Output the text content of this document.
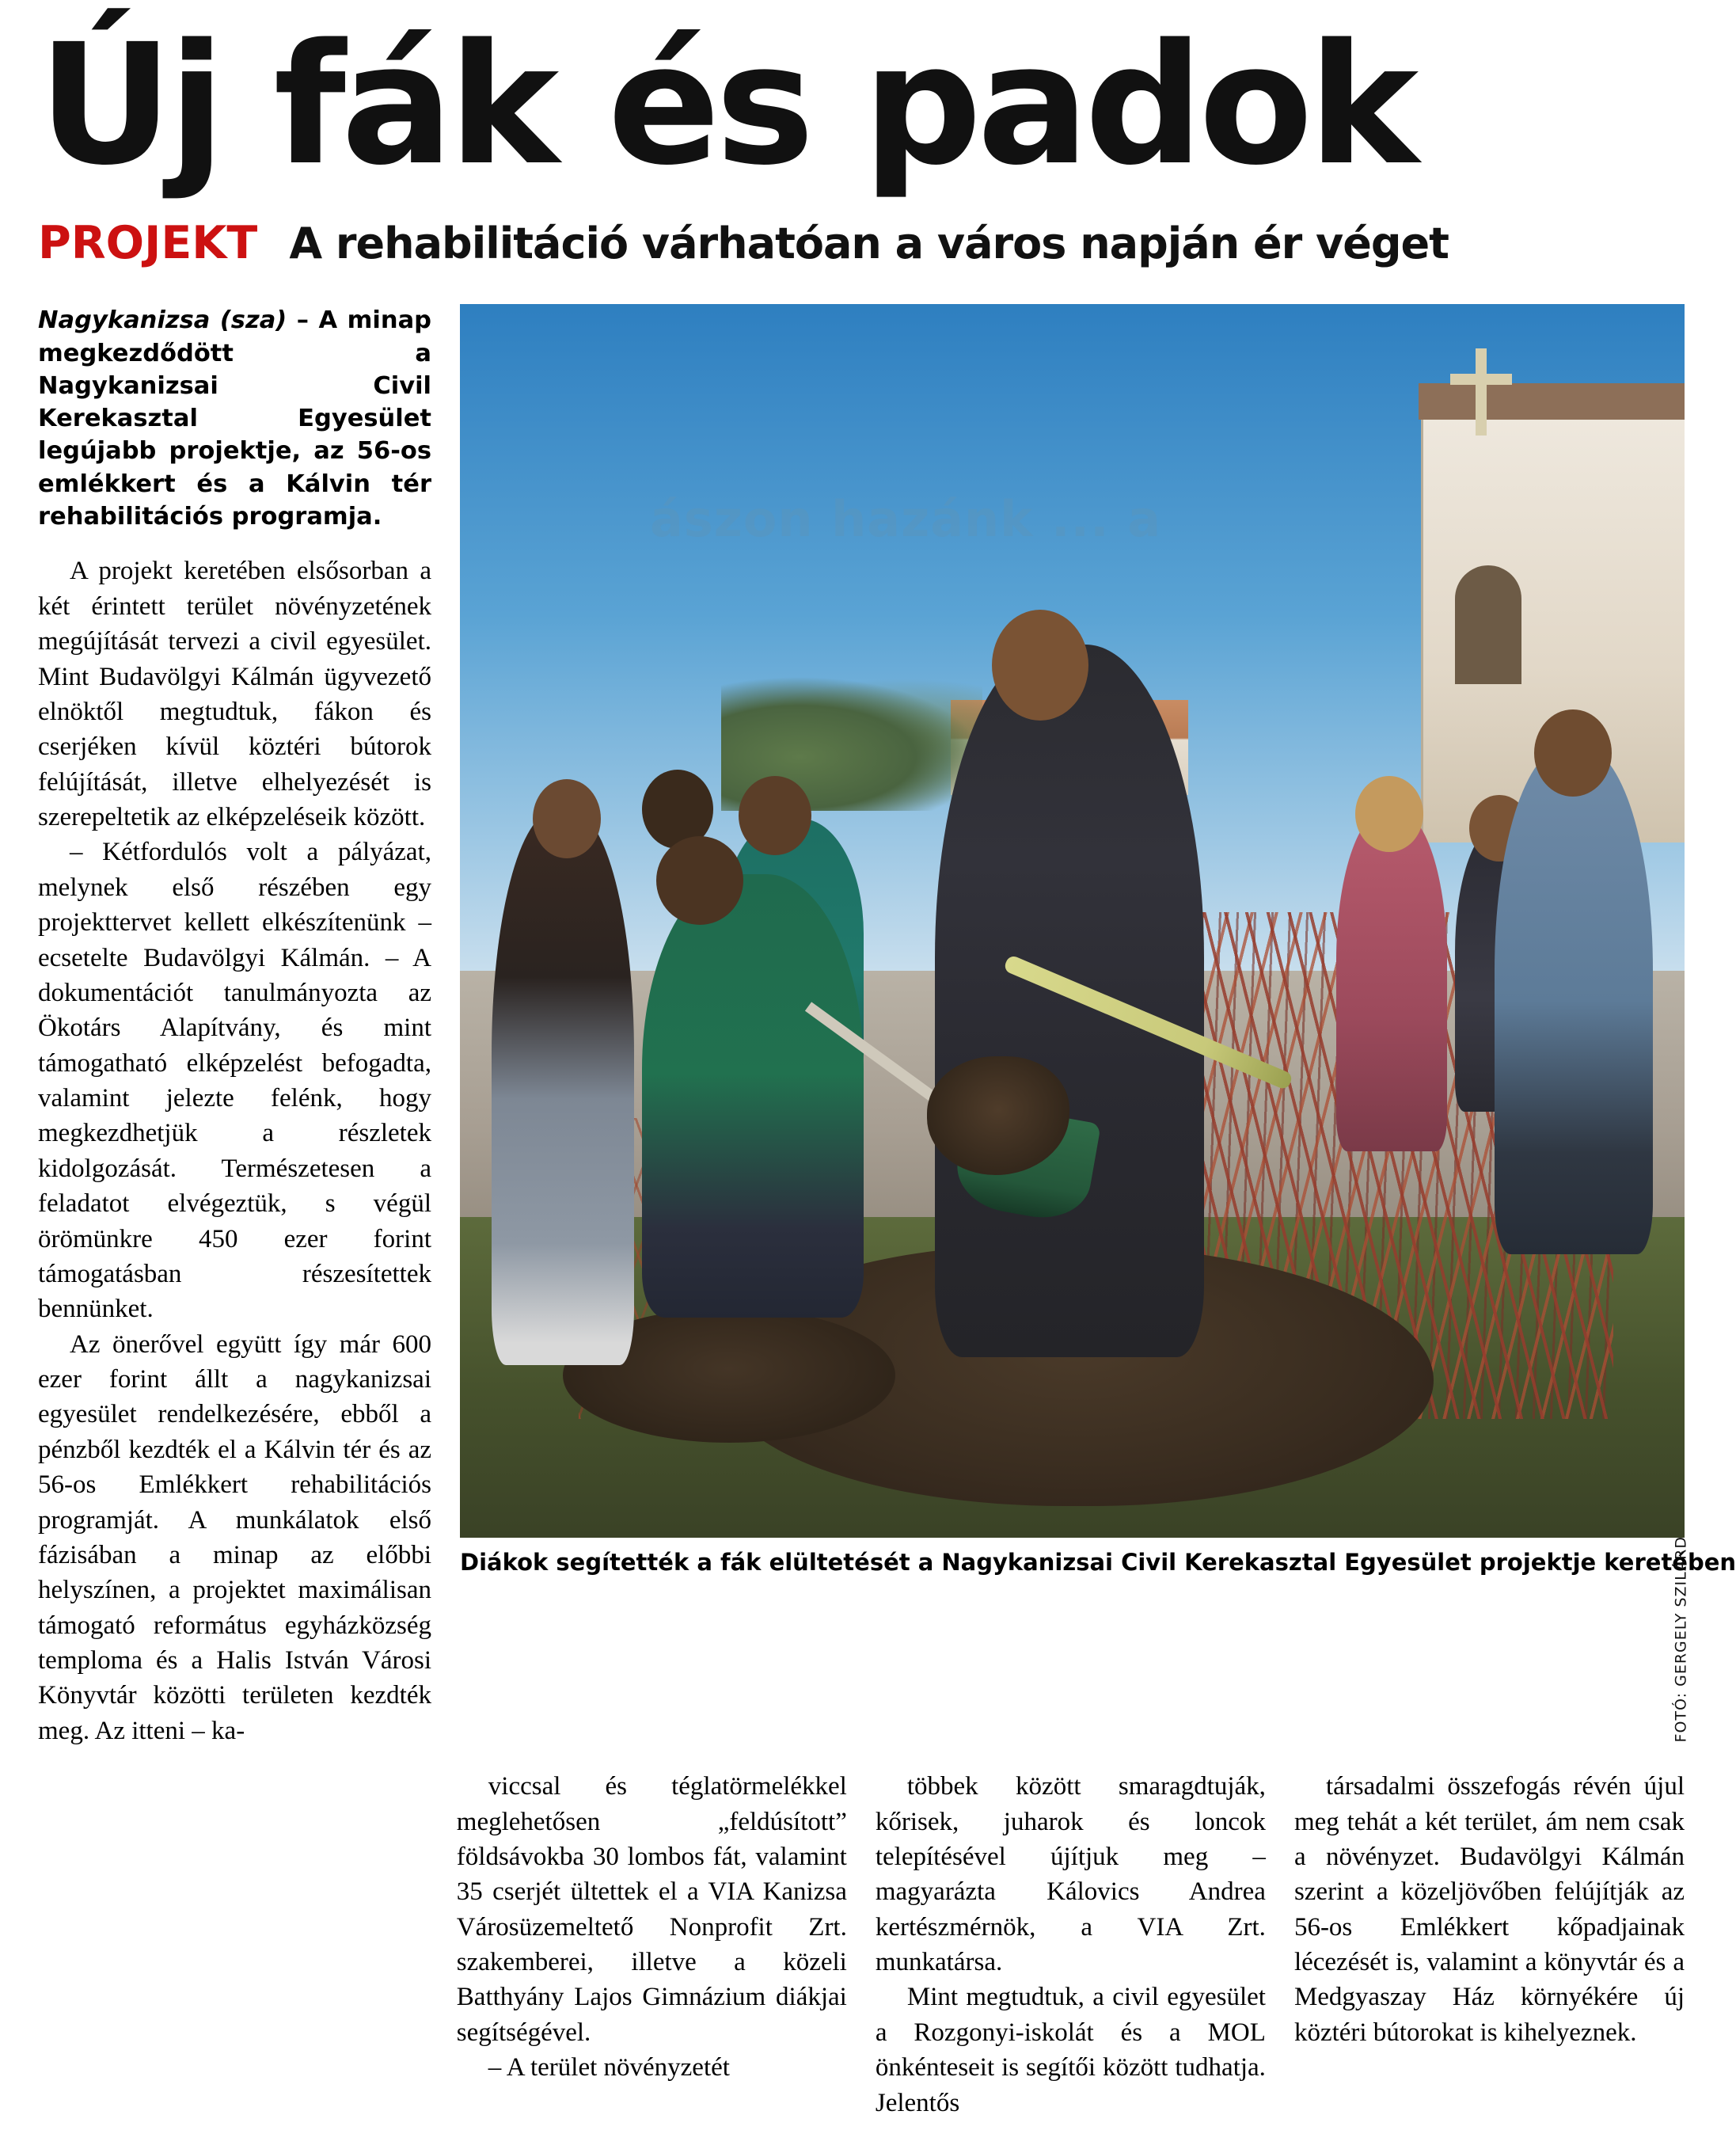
Új fák és padok
PROJEKT A rehabilitáció várhatóan a város napján ér véget

Nagykanizsa (sza) – A minap megkezdődött a Nagykanizsai Civil Kerekasztal Egyesület legújabb projektje, az 56-os emlékkert és a Kálvin tér rehabilitációs programja.

A projekt keretében elsősorban a két érintett terület növényzetének megújítását tervezi a civil egyesület. Mint Budavölgyi Kálmán ügyvezető elnöktől megtudtuk, fákon és cserjéken kívül köztéri bútorok felújítását, illetve elhelyezését is szerepeltetik az elképzeléseik között.

– Kétfordulós volt a pályázat, melynek első részében egy projekttervet kellett elkészítenünk – ecsetelte Budavölgyi Kálmán. – A dokumentációt tanulmányozta az Ökotárs Alapítvány, és mint támogatható elképzelést befogadta, valamint jelezte felénk, hogy megkezdhetjük a részletek kidolgozását. Természetesen a feladatot elvégeztük, s végül örömünkre 450 ezer forint támogatásban részesítettek bennünket.

Az önerővel együtt így már 600 ezer forint állt a nagykanizsai egyesület rendelkezésére, ebből a pénzből kezdték el a Kálvin tér és az 56-os Emlékkert rehabilitációs programját. A munkálatok első fázisában a minap az előbbi helyszínen, a projektet maximálisan támogató református egyházközség temploma és a Halis István Városi Könyvtár közötti területen kezdték meg. Az itteni – ka-

ászon hazánk ... a
FOTÓ: GERGELY SZILÁRD
Diákok segítették a fák elültetését a Nagykanizsai Civil Kerekasztal Egyesület projektje keretében

viccsal és téglatörmelékkel meglehetősen „feldúsított” földsávokba 30 lombos fát, valamint 35 cserjét ültettek el a VIA Kanizsa Városüzemeltető Nonprofit Zrt. szakemberei, illetve a közeli Batthyány Lajos Gimnázium diákjai segítségével.

– A terület növényzetét

többek között smaragdtuják, kőrisek, juharok és loncok telepítésével újítjuk meg – magyarázta Kálovics Andrea kertészmérnök, a VIA Zrt. munkatársa.

Mint megtudtuk, a civil egyesület a Rozgonyi-iskolát és a MOL önkénteseit is segítői között tudhatja. Jelentős

társadalmi összefogás révén újul meg tehát a két terület, ám nem csak a növényzet. Budavölgyi Kálmán szerint a közeljövőben felújítják az 56-os Emlékkert kőpadjainak lécezését is, valamint a könyvtár és a Medgyaszay Ház környékére új köztéri bútorokat is kihelyeznek.
